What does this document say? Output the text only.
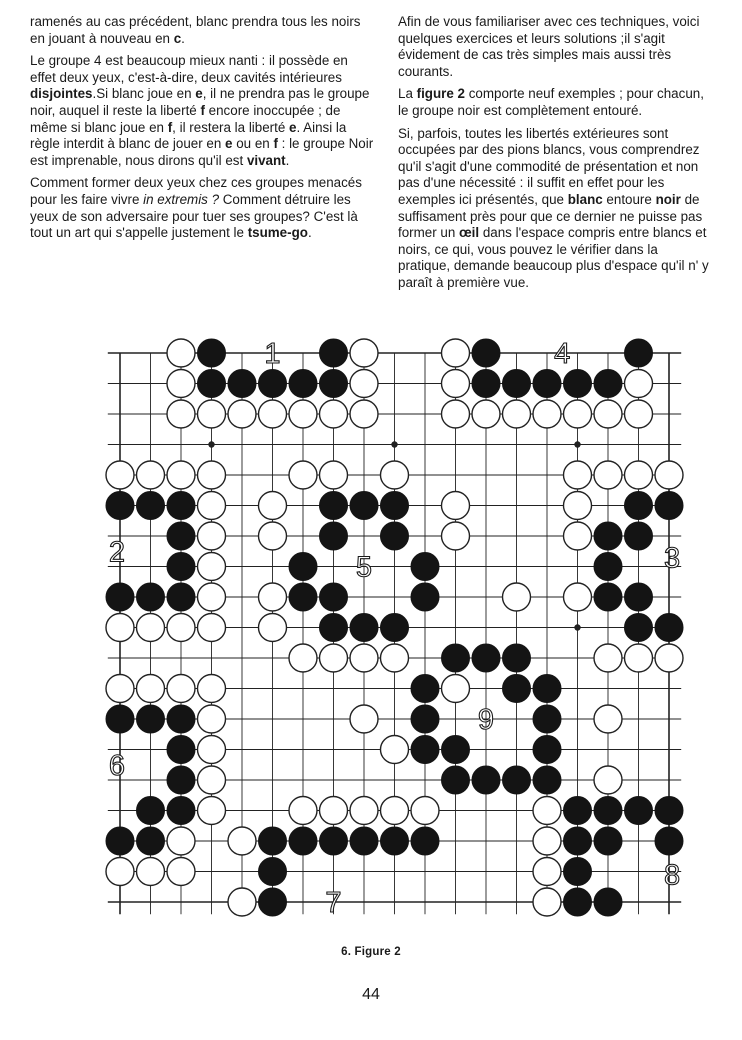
ramenés au cas précédent, blanc prendra tous les noirs en jouant à nouveau en c.

Le groupe 4 est beaucoup mieux nanti : il possède en effet deux yeux, c'est-à-dire, deux cavités intérieures disjointes.Si blanc joue en e, il ne prendra pas le groupe noir, auquel il reste la liberté f encore inoccupée ; de même si blanc joue en f, il restera la liberté e. Ainsi la règle interdit à blanc de jouer en e ou en f : le groupe Noir est imprenable, nous dirons qu'il est vivant.

Comment former deux yeux chez ces groupes menacés pour les faire vivre in extremis ? Comment détruire les yeux de son adversaire pour tuer ses groupes? C'est là tout un art qui s'appelle justement le tsume-go.

Afin de vous familiariser avec ces techniques, voici quelques exercices et leurs solutions ;il s'agit évidement de cas très simples mais aussi très courants.

La figure 2 comporte neuf exemples ; pour chacun, le groupe noir est complètement entouré.

Si, parfois, toutes les libertés extérieures sont occupées par des pions blancs, vous comprendrez qu'il s'agit d'une commodité de présentation et non pas d'une nécessité : il suffit en effet pour les exemples ici présentés, que blanc entoure noir de suffisament près pour que ce dernier ne puisse pas former un œil dans l'espace compris entre blancs et noirs, ce qui, vous pouvez le vérifier dans la pratique, demande beaucoup plus d'espace qu'il n' y paraît à première vue.

1	4
2	5	3
9
6
8
7
6. Figure 2
44
